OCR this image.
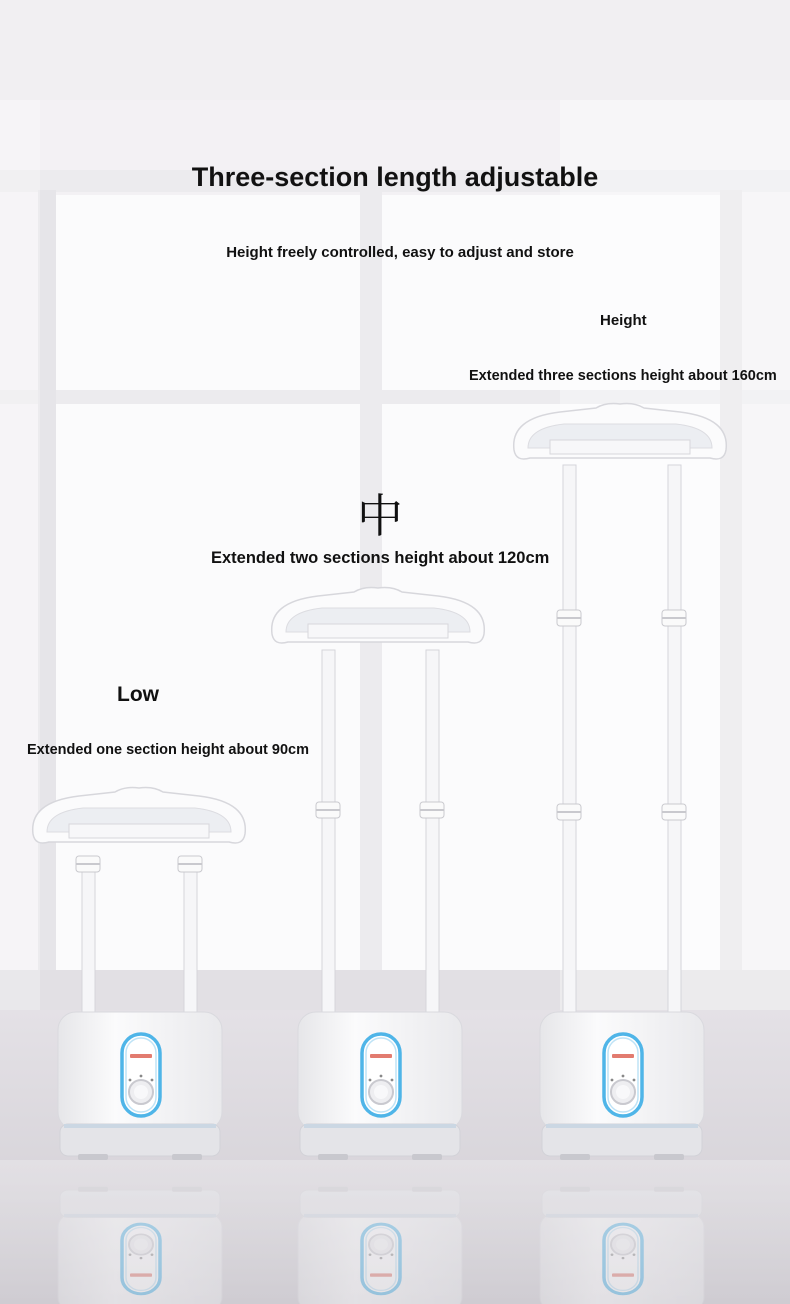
Three-section length adjustable

Height freely controlled, easy to adjust and store

Height

Extended three sections height about 160cm

中

Extended two sections height about 120cm

Low

Extended one section height about 90cm
